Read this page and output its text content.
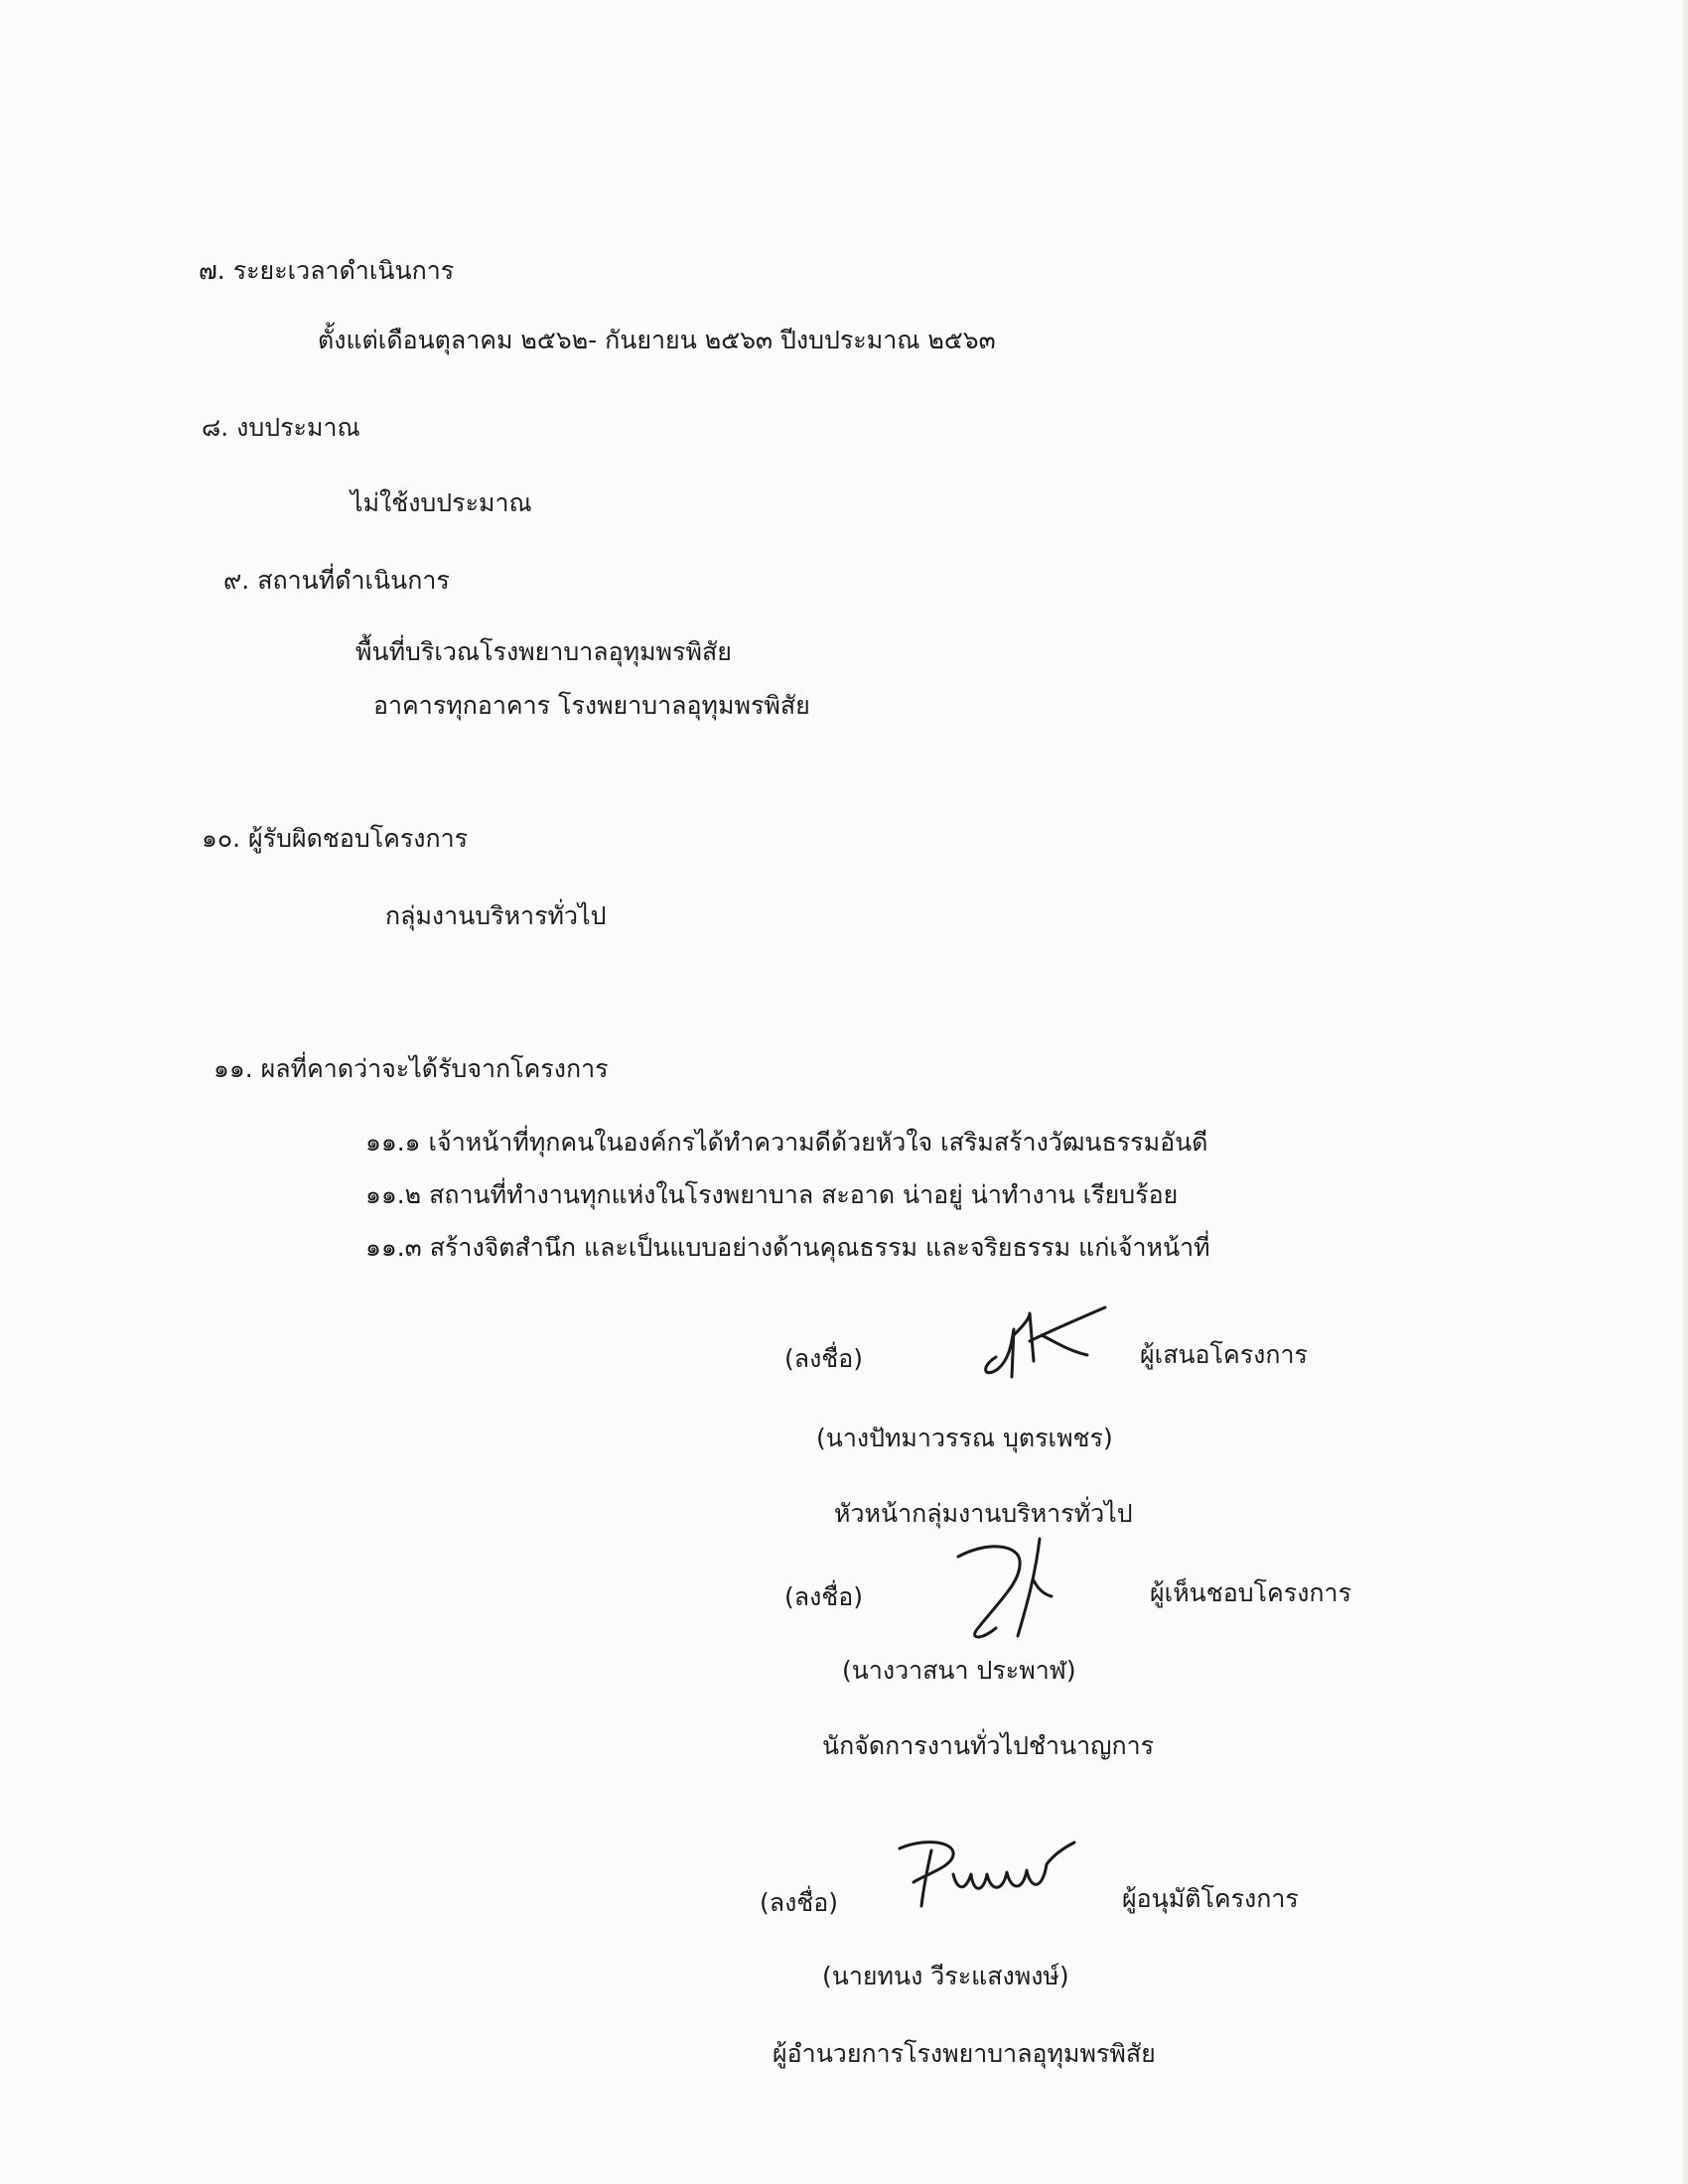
๗. ระยะเวลาดำเนินการ
ตั้งแต่เดือนตุลาคม ๒๕๖๒- กันยายน ๒๕๖๓ ปีงบประมาณ ๒๕๖๓
๘. งบประมาณ
ไม่ใช้งบประมาณ
๙. สถานที่ดำเนินการ
พื้นที่บริเวณโรงพยาบาลอุทุมพรพิสัย
อาคารทุกอาคาร โรงพยาบาลอุทุมพรพิสัย
๑๐. ผู้รับผิดชอบโครงการ
กลุ่มงานบริหารทั่วไป
๑๑. ผลที่คาดว่าจะได้รับจากโครงการ
๑๑.๑ เจ้าหน้าที่ทุกคนในองค์กรได้ทำความดีด้วยหัวใจ เสริมสร้างวัฒนธรรมอันดี
๑๑.๒ สถานที่ทำงานทุกแห่งในโรงพยาบาล สะอาด น่าอยู่ น่าทำงาน เรียบร้อย
๑๑.๓ สร้างจิตสำนึก และเป็นแบบอย่างด้านคุณธรรม และจริยธรรม แก่เจ้าหน้าที่
(ลงชื่อ)	ผู้เสนอโครงการ
(นางปัทมาวรรณ บุตรเพชร)
หัวหน้ากลุ่มงานบริหารทั่วไป
(ลงชื่อ)	ผู้เห็นชอบโครงการ
(นางวาสนา ประพาฬ)
นักจัดการงานทั่วไปชำนาญการ
(ลงชื่อ)	ผู้อนุมัติโครงการ
(นายทนง วีระแสงพงษ์)
ผู้อำนวยการโรงพยาบาลอุทุมพรพิสัย
